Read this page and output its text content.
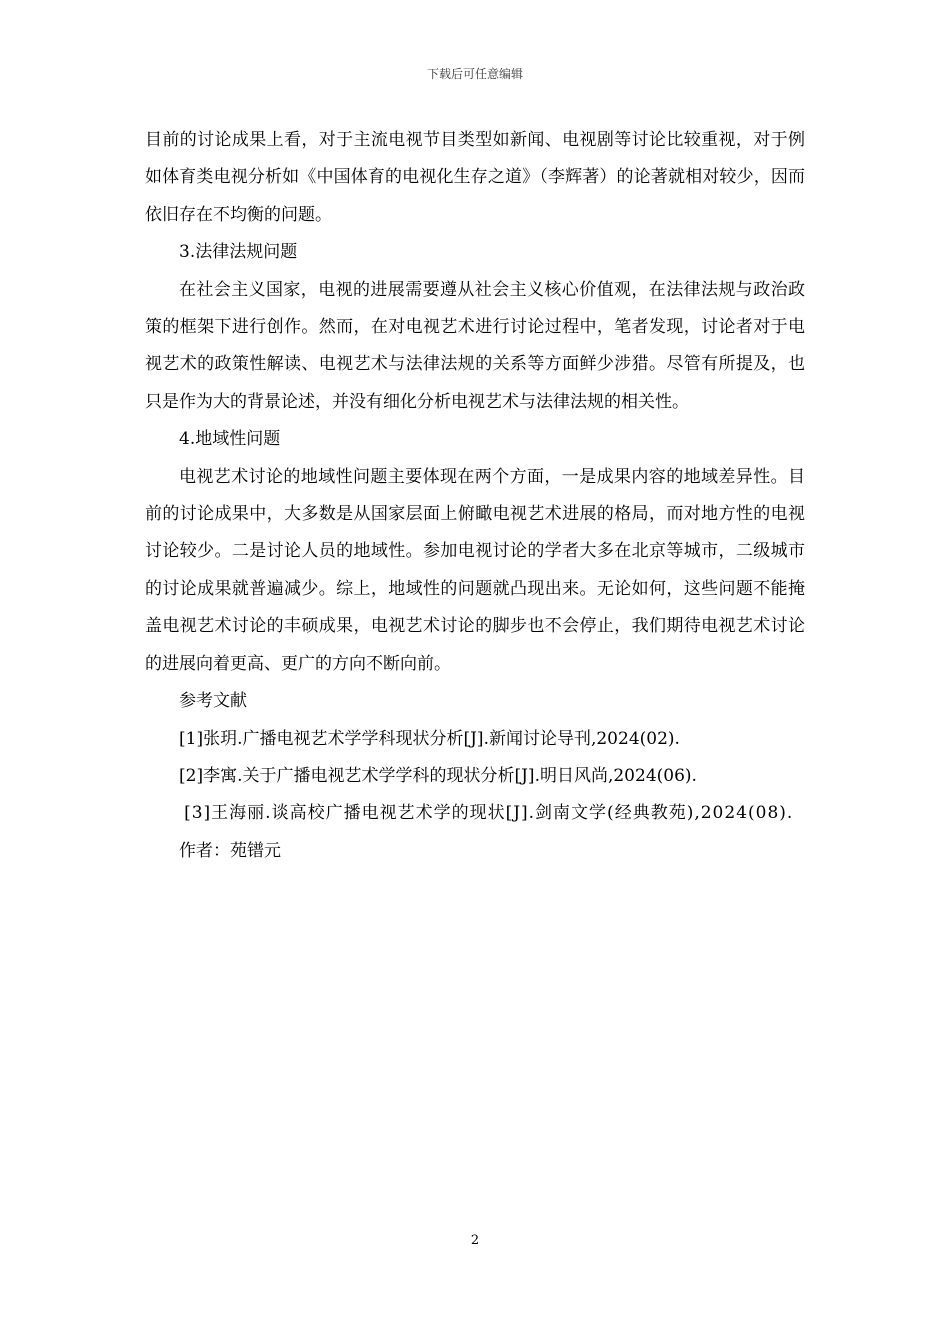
下载后可任意编辑

目前的讨论成果上看，对于主流电视节目类型如新闻、电视剧等讨论比较重视，对于例如体育类电视分析如《中国体育的电视化生存之道》（李辉著）的论著就相对较少，因而依旧存在不均衡的问题。

3.法律法规问题

在社会主义国家，电视的进展需要遵从社会主义核心价值观，在法律法规与政治政策的框架下进行创作。然而，在对电视艺术进行讨论过程中，笔者发现，讨论者对于电视艺术的政策性解读、电视艺术与法律法规的关系等方面鲜少涉猎。尽管有所提及，也只是作为大的背景论述，并没有细化分析电视艺术与法律法规的相关性。

4.地域性问题

电视艺术讨论的地域性问题主要体现在两个方面，一是成果内容的地域差异性。目前的讨论成果中，大多数是从国家层面上俯瞰电视艺术进展的格局，而对地方性的电视讨论较少。二是讨论人员的地域性。参加电视讨论的学者大多在北京等城市，二级城市的讨论成果就普遍减少。综上，地域性的问题就凸现出来。无论如何，这些问题不能掩盖电视艺术讨论的丰硕成果，电视艺术讨论的脚步也不会停止，我们期待电视艺术讨论的进展向着更高、更广的方向不断向前。

参考文献

[1]张玥.广播电视艺术学学科现状分析[J].新闻讨论导刊,2024(02).

[2]李寓.关于广播电视艺术学学科的现状分析[J].明日风尚,2024(06).

[3]王海丽.谈高校广播电视艺术学的现状[J].剑南文学(经典教苑),2024(08).

作者：苑镨元

2
